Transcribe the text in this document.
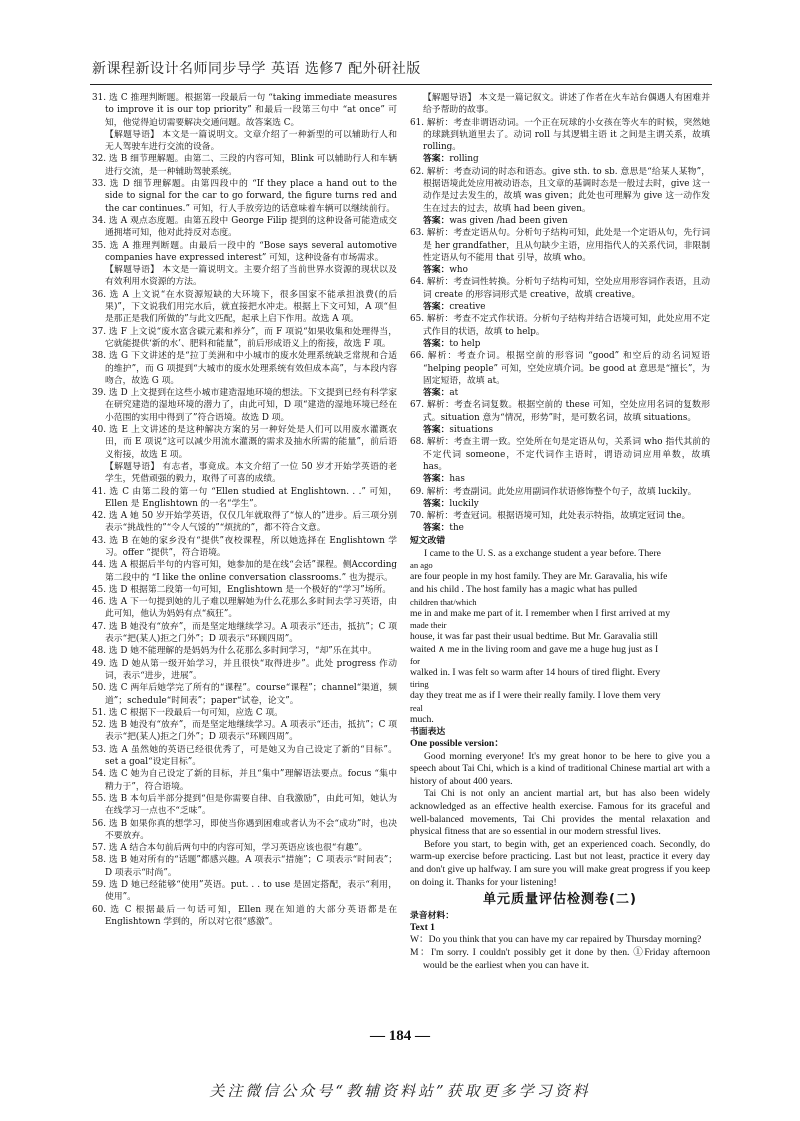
新课程新设计名师同步导学 英语 选修7 配外研社版

31. 选 C 推理判断题。根据第一段最后一句 “taking immediate measures to improve it is our top priority” 和最后一段第三句中 “at once” 可知，他觉得迫切需要解决交通问题。故答案选 C。

【解题导语】 本文是一篇说明文。文章介绍了一种新型的可以辅助行人和无人驾驶车进行交流的设备。

32. 选 B 细节理解题。由第二、三段的内容可知，Blink 可以辅助行人和车辆进行交流，是一种辅助驾驶系统。

33. 选 D 细节理解题。由第四段中的 “If they place a hand out to the side to signal for the car to go forward, the figure turns red and the car continues.” 可知，行人手放旁边的话意味着车辆可以继续前行。

34. 选 A 观点态度题。由第五段中 George Filip 提到的这种设备可能造成交通拥堵可知，他对此持反对态度。

35. 选 A 推理判断题。由最后一段中的 “Bose says several automotive companies have expressed interest” 可知，这种设备有市场需求。

【解题导语】 本文是一篇说明文。主要介绍了当前世界水资源的现状以及有效利用水资源的方法。

36. 选 A 上文说“在水资源短缺的大环境下，很多国家不能承担浪费(的后果)”，下文说我们用完水后，就直接把水冲走。根据上下文可知，A 项“但是那正是我们所做的”与此文匹配，起承上启下作用。故选 A 项。

37. 选 F 上文说“废水富含碳元素和养分”，而 F 项说“如果收集和处理得当，它就能提供‘新的水’、肥料和能量”，前后形成语义上的衔接，故选 F 项。

38. 选 G 下文讲述的是“拉丁美洲和中小城市的废水处理系统缺乏常规和合适的维护”，而 G 项提到“大城市的废水处理系统有效但成本高”，与本段内容吻合，故选 G 项。

39. 选 D 上文提到在这些小城市建造湿地环境的想法。下文提到已经有科学家在研究建造的湿地环境的潜力了，由此可知，D 项“建造的湿地环境已经在小范围的实用中得到了”符合语境。故选 D 项。

40. 选 E 上文讲述的是这种解决方案的另一种好处是人们可以用废水灌溉农田，而 E 项说“这可以减少用流水灌溉的需求及抽水所需的能量”，前后语义衔接，故选 E 项。

【解题导语】 有志者，事竟成。本文介绍了一位 50 岁才开始学英语的老学生，凭借顽强的毅力，取得了可喜的成绩。

41. 选 C 由第二段的第一句 “Ellen studied at Englishtown. . .” 可知，Ellen 是 Englishtown 的一名“学生”。

42. 选 A 她 50 岁开始学英语，仅仅几年就取得了“惊人的”进步。后三项分别表示“挑战性的”“令人气馁的”“烦扰的”，都不符合文意。

43. 选 B 在她的家乡没有“提供”夜校课程，所以她选择在 Englishtown 学习。offer “提供”，符合语境。

44. 选 A 根据后半句的内容可知，她参加的是在线“会话”课程。侧According 第二段中的 “I like the online conversation classrooms.” 也为提示。

45. 选 D 根据第二段第一句可知，Englishtown 是一个极好的“学习”场所。

46. 选 A 下一句提到她的儿子难以理解她为什么花那么多时间去学习英语，由此可知，他认为妈妈有点“疯狂”。

47. 选 B 她没有“放弃”，而是坚定地继续学习。A 项表示“还击，抵抗”；C 项表示“把(某人)拒之门外”；D 项表示“环顾四周”。

48. 选 D 她不能理解的是妈妈为什么花那么多时间学习，“却”乐在其中。

49. 选 D 她从第一级开始学习，并且很快“取得进步”。此处 progress 作动词，表示“进步，进展”。

50. 选 C 两年后她学完了所有的“课程”。course“课程”；channel“渠道，频道”；schedule“时间表”；paper“试卷，论文”。

51. 选 C 根据下一段最后一句可知，应选 C 项。

52. 选 B 她没有“放弃”，而是坚定地继续学习。A 项表示“还击，抵抗”；C 项表示“把(某人)拒之门外”；D 项表示“环顾四周”。

53. 选 A 虽然她的英语已经很优秀了，可是她又为自己设定了新的“目标”。set a goal“设定目标”。

54. 选 C 她为自己设定了新的目标，并且“集中”理解语法要点。focus “集中精力于”，符合语境。

55. 选 B 本句后半部分提到“但是你需要自律、自我激励”，由此可知，她认为在线学习一点也不“乏味”。

56. 选 B 如果你真的想学习，即使当你遇到困难或者认为不会“成功”时，也决不要放弃。

57. 选 A 结合本句前后两句中的内容可知，学习英语应该也很“有趣”。

58. 选 B 她对所有的“话题”都感兴趣。A 项表示“措施”；C 项表示“时间表”；D 项表示“时尚”。

59. 选 D 她已经能够“使用”英语。put. . . to use 是固定搭配，表示“利用，使用”。

60. 选 C 根据最后一句话可知，Ellen 现在知道的大部分英语都是在 Englishtown 学到的，所以对它很“感激”。

【解题导语】 本文是一篇记叙文。讲述了作者在火车站台偶遇人有困难并给予帮助的故事。

61. 解析：考查非谓语动词。一个正在玩球的小女孩在等火车的时候，突然她的球跳到轨道里去了。动词 roll 与其逻辑主语 it 之间是主谓关系，故填 rolling。

答案：rolling

62. 解析：考查动词的时态和语态。give sth. to sb. 意思是“给某人某物”，根据语境此处应用被动语态，且文章的基调时态是一般过去时，give 这一动作是过去发生的，故填 was given；此处也可理解为 give 这一动作发生在过去的过去，故填 had been given。

答案：was given /had been given

63. 解析：考查定语从句。分析句子结构可知，此处是一个定语从句，先行词是 her grandfather，且从句缺少主语，应用指代人的关系代词，非限制性定语从句不能用 that 引导，故填 who。

答案：who

64. 解析：考查词性转换。分析句子结构可知，空处应用形容词作表语，且动词 create 的形容词形式是 creative，故填 creative。

答案：creative

65. 解析：考查不定式作状语。分析句子结构并结合语境可知，此处应用不定式作目的状语，故填 to help。

答案：to help

66. 解析：考查介词。根据空前的形容词 “good” 和空后的动名词短语 “helping people” 可知，空处应填介词。be good at 意思是“擅长”，为固定短语，故填 at。

答案：at

67. 解析：考查名词复数。根据空前的 these 可知，空处应用名词的复数形式。situation 意为“情况，形势”时，是可数名词，故填 situations。

答案：situations

68. 解析：考查主谓一致。空处所在句是定语从句，关系词 who 指代其前的不定代词 someone，不定代词作主语时，谓语动词应用单数，故填 has。

答案：has

69. 解析：考查副词。此处应用副词作状语修饰整个句子，故填 luckily。

答案：luckily

70. 解析：考查冠词。根据语境可知，此处表示特指，故填定冠词 the。

答案：the

短文改错

I came to the U. S. as a exchange student a year before. There

an ago

are four people in my host family. They are Mr. Garavalia, his wife

and his child . The host family has a magic what has pulled

children that/which

me in and make me part of it. I remember when I first arrived at my

made their

house, it was far past their usual bedtime. But Mr. Garavalia still

waited ∧ me in the living room and gave me a huge hug just as I

for

walked in. I was felt so warm after 14 hours of tired flight. Every

tiring

day they treat me as if I were their really family. I love them very

real

much.

书面表达

One possible version：

Good morning everyone! It's my great honor to be here to give you a speech about Tai Chi, which is a kind of traditional Chinese martial art with a history of about 400 years.

Tai Chi is not only an ancient martial art, but has also been widely acknowledged as an effective health exercise. Famous for its graceful and well-balanced movements, Tai Chi provides the mental relaxation and physical fitness that are so essential in our modern stressful lives.

Before you start, to begin with, get an experienced coach. Secondly, do warm-up exercise before practicing. Last but not least, practice it every day and don't give up halfway. I am sure you will make great progress if you keep on doing it. Thanks for your listening!

单元质量评估检测卷(二)

录音材料：

Text 1

W：Do you think that you can have my car repaired by Thursday morning?

M：I'm sorry. I couldn't possibly get it done by then. ①Friday afternoon would be the earliest when you can have it.

— 184 —
关注微信公众号“教辅资料站”获取更多学习资料
